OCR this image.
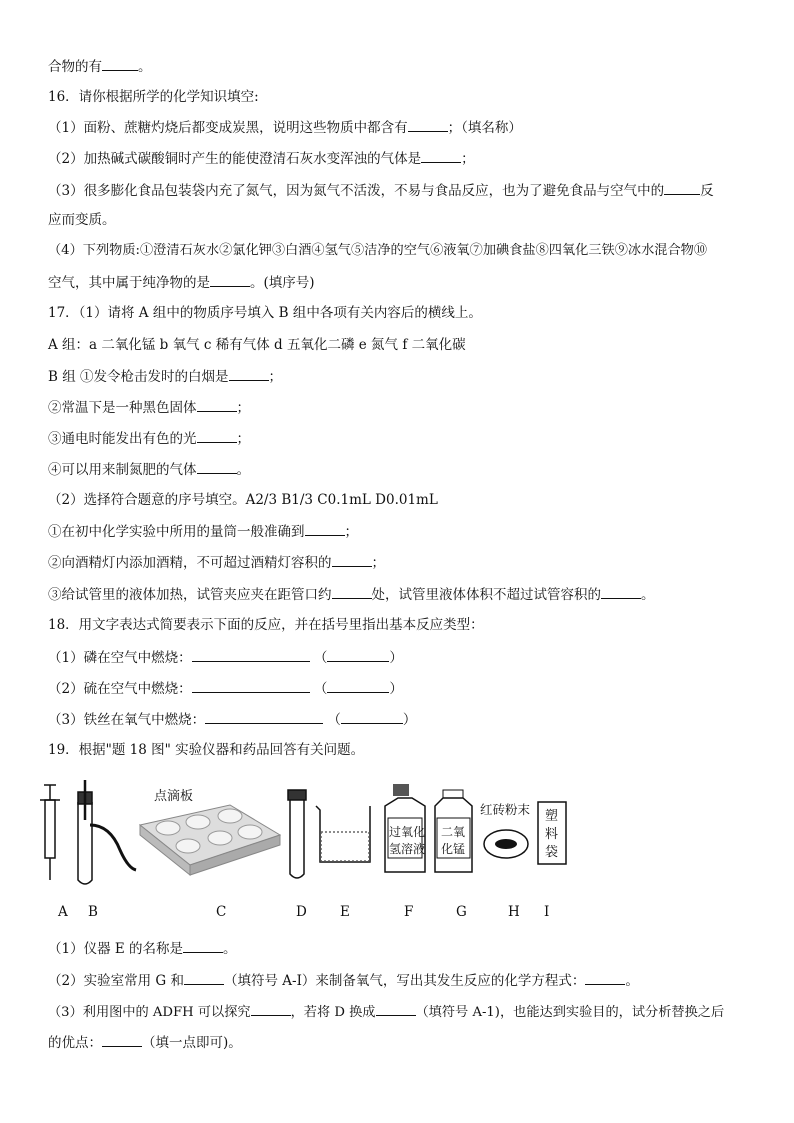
合物的有	。
16．请你根据所学的化学知识填空:
（1）面粉、蔗糖灼烧后都变成炭黑，说明这些物质中都含有	；（填名称）
（2）加热碱式碳酸铜时产生的能使澄清石灰水变浑浊的气体是	；
（3）很多膨化食品包装袋内充了氮气，因为氮气不活泼，不易与食品反应，也为了避免食品与空气中的	反
应而变质。
（4）下列物质:①澄清石灰水②氯化钾③白酒④氢气⑤洁净的空气⑥液氧⑦加碘食盐⑧四氧化三铁⑨冰水混合物⑩
空气，其中属于纯净物的是	。(填序号)
17．（1）请将 A 组中的物质序号填入 B 组中各项有关内容后的横线上。
A 组：a 二氧化锰 b 氧气 c 稀有气体 d 五氧化二磷 e 氮气 f 二氧化碳
B 组 ①发令枪击发时的白烟是	；
②常温下是一种黑色固体	；
③通电时能发出有色的光	；
④可以用来制氮肥的气体	。
（2）选择符合题意的序号填空。A2/3 B1/3 C0.1mL D0.01mL
①在初中化学实验中所用的量筒一般准确到	；
②向酒精灯内添加酒精，不可超过酒精灯容积的	；
③给试管里的液体加热，试管夹应夹在距管口约	处，试管里液体体积不超过试管容积的	。
18．用文字表达式简要表示下面的反应，并在括号里指出基本反应类型：
（1）磷在空气中燃烧：	（	）
（2）硫在空气中燃烧：	（	）
（3）铁丝在氧气中燃烧：	（	）
19．根据"题 18 图" 实验仪器和药品回答有关问题。
点滴板
过氧化
氢溶液
二氧
化锰
红砖粉末 塑
料
袋
A B	C	D E	F	G	H I
（1）仪器 E 的名称是	。
（2）实验室常用 G 和	（填符号 A-I）来制备氧气，写出其发生反应的化学方程式：	。
（3）利用图中的 ADFH 可以探究	，若将 D 换成	（填符号 A-1)，也能达到实验目的，试分析替换之后
的优点：	（填一点即可)。
